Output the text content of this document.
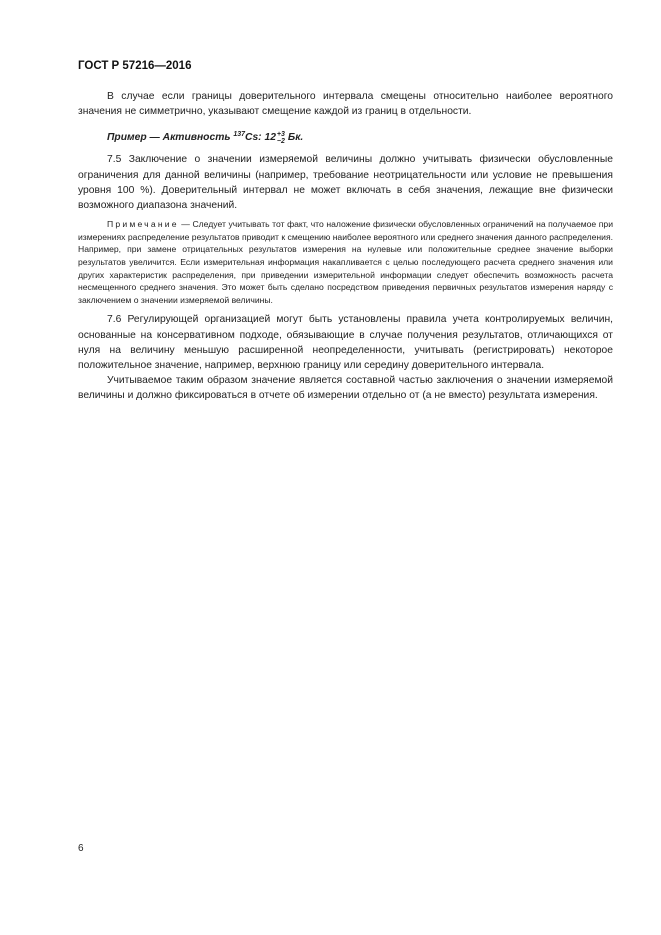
ГОСТ Р 57216—2016

В случае если границы доверительного интервала смещены относительно наиболее вероятного значения не симметрично, указывают смещение каждой из границ в отдельности.

Пример — Активность $^{137}$Cs: 12 +3
−2 Бк.

7.5 Заключение о значении измеряемой величины должно учитывать физически обусловленные ограничения для данной величины (например, требование неотрицательности или условие не превышения уровня 100 %). Доверительный интервал не может включать в себя значения, лежащие вне физически возможного диапазона значений.

Примечание — Следует учитывать тот факт, что наложение физически обусловленных ограничений на получаемое при измерениях распределение результатов приводит к смещению наиболее вероятного или среднего значения данного распределения. Например, при замене отрицательных результатов измерения на нулевые или положительные среднее значение выборки результатов увеличится. Если измерительная информация накапливается с целью последующего расчета среднего значения или других характеристик распределения, при приведении измерительной информации следует обеспечить возможность расчета несмещенного среднего значения. Это может быть сделано посредством приведения первичных результатов измерения наряду с заключением о значении измеряемой величины.

7.6 Регулирующей организацией могут быть установлены правила учета контролируемых величин, основанные на консервативном подходе, обязывающие в случае получения результатов, отличающихся от нуля на величину меньшую расширенной неопределенности, учитывать (регистрировать) некоторое положительное значение, например, верхнюю границу или середину доверительного интервала.

Учитываемое таким образом значение является составной частью заключения о значении измеряемой величины и должно фиксироваться в отчете об измерении отдельно от (а не вместо) результата измерения.

6
